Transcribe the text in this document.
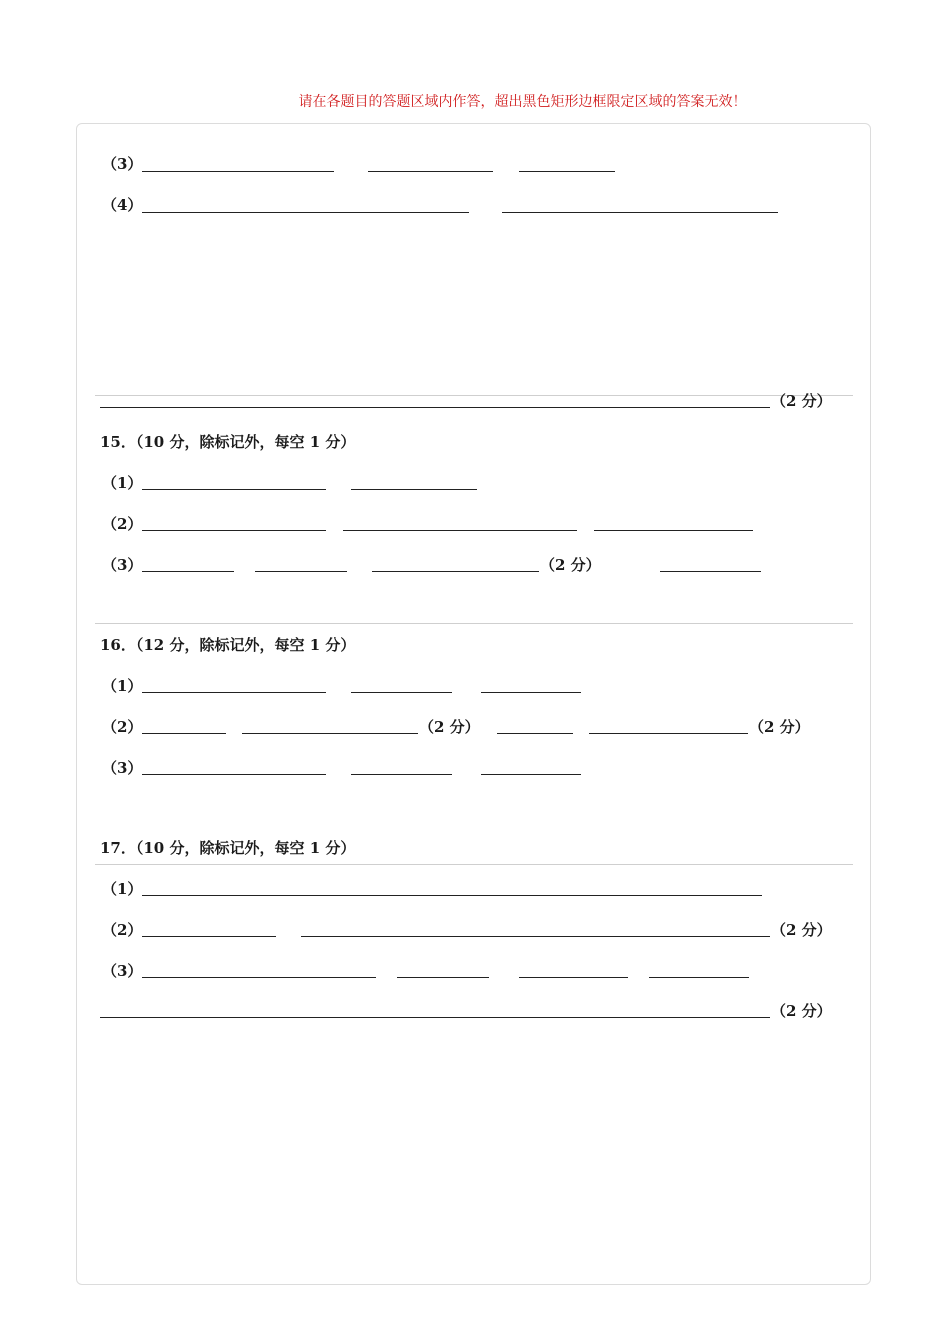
请在各题目的答题区域内作答，超出黑色矩形边框限定区域的答案无效！
（3）
（4）
（2 分）
15．（10 分，除标记外，每空 1 分）
（1）
（2）
（3）	（2 分）
16．（12 分，除标记外，每空 1 分）
（1）
（2）	（2 分）	（2 分）
（3）
17．（10 分，除标记外，每空 1 分）
（1）
（2）	（2 分）
（3）
（2 分）
